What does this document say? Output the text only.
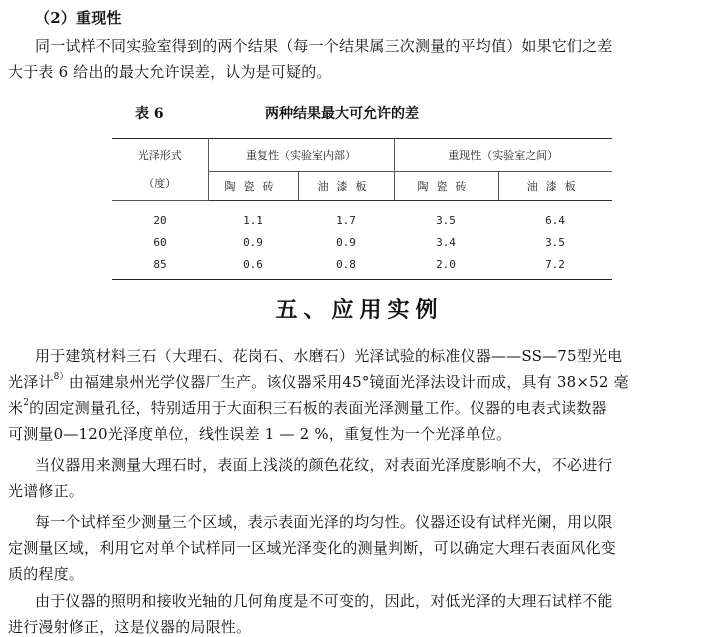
（2）重现性
同一试样不同实验室得到的两个结果（每一个结果属三次测量的平均值）如果它们之差
大于表 6 给出的最大允许误差，认为是可疑的。
表 6	两种结果最大可允许的差
光泽形式
（度）	重复性（实验室内部）		重现性（实验室之间）	
	陶瓷砖	油漆板	陶瓷砖	油漆板
20	1.1	1.7	3.5	6.4
60	0.9	0.9	3.4	3.5
85	0.6	0.8	2.0	7.2
五、应用实例
用于建筑材料三石（大理石、花岗石、水磨石）光泽试验的标准仪器——SS—75型光电
光泽计$^{8)}$由福建泉州光学仪器厂生产。该仪器采用45°镜面光泽法设计而成，具有 38×52 毫
米$^2$的固定测量孔径，特别适用于大面积三石板的表面光泽测量工作。仪器的电表式读数器
可测量0—120光泽度单位，线性误差 1 — 2 %，重复性为一个光泽单位。
当仪器用来测量大理石时，表面上浅淡的颜色花纹，对表面光泽度影响不大，不必进行
光谱修正。
每一个试样至少测量三个区域，表示表面光泽的均匀性。仪器还设有试样光阑，用以限
定测量区域，利用它对单个试样同一区域光泽变化的测量判断，可以确定大理石表面风化变
质的程度。
由于仪器的照明和接收光轴的几何角度是不可变的，因此，对低光泽的大理石试样不能
进行漫射修正，这是仪器的局限性。
